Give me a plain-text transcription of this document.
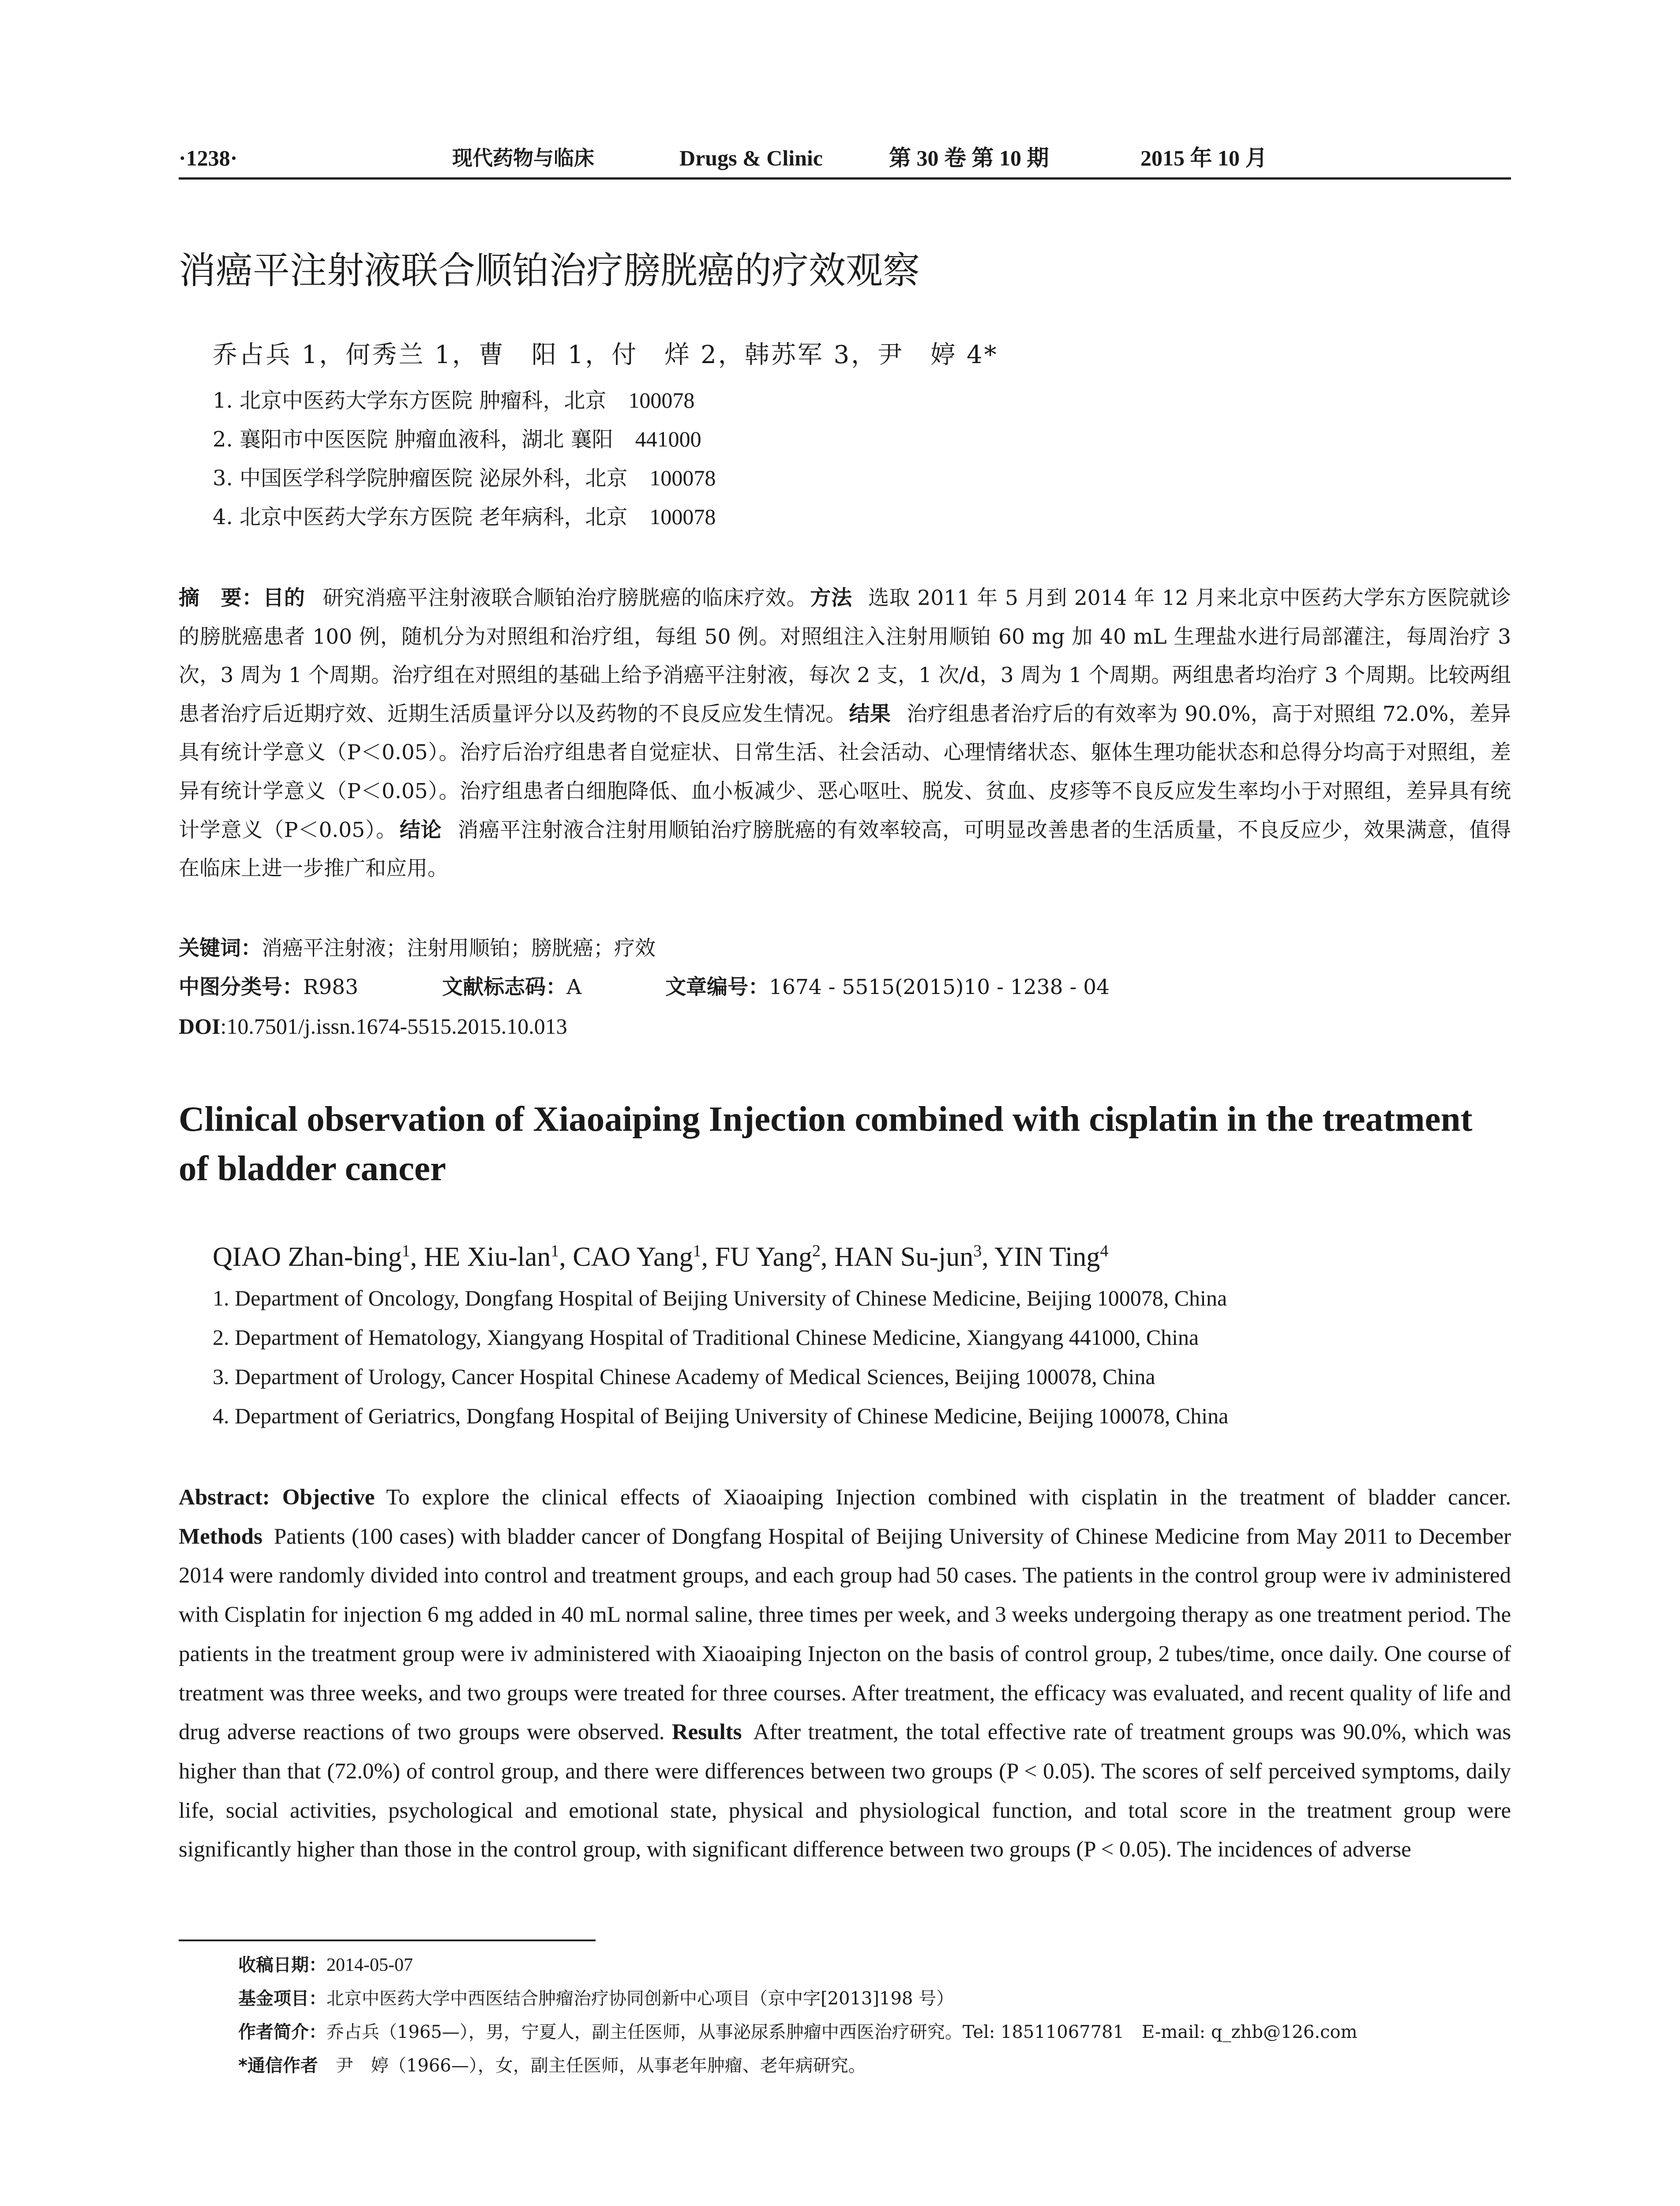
·1238·	现代药物与临床	Drugs & Clinic	第 30 卷 第 10 期	2015 年 10 月
消癌平注射液联合顺铂治疗膀胱癌的疗效观察
乔占兵 1，何秀兰 1，曹　阳 1，付　烊 2，韩苏军 3，尹　婷 4*
1. 北京中医药大学东方医院 肿瘤科，北京 100078
2. 襄阳市中医医院 肿瘤血液科，湖北 襄阳 441000
3. 中国医学科学院肿瘤医院 泌尿外科，北京 100078
4. 北京中医药大学东方医院 老年病科，北京 100078

摘　要：目的 研究消癌平注射液联合顺铂治疗膀胱癌的临床疗效。 方法 选取 2011 年 5 月到 2014 年 12 月来北京中医药大学东方医院就诊的膀胱癌患者 100 例，随机分为对照组和治疗组，每组 50 例。对照组注入注射用顺铂 60 mg 加 40 mL 生理盐水进行局部灌注，每周治疗 3 次，3 周为 1 个周期。治疗组在对照组的基础上给予消癌平注射液，每次 2 支，1 次/d，3 周为 1 个周期。两组患者均治疗 3 个周期。比较两组患者治疗后近期疗效、近期生活质量评分以及药物的不良反应发生情况。 结果 治疗组患者治疗后的有效率为 90.0%，高于对照组 72.0%，差异具有统计学意义（P＜0.05）。治疗后治疗组患者自觉症状、日常生活、社会活动、心理情绪状态、躯体生理功能状态和总得分均高于对照组，差异有统计学意义（P＜0.05）。治疗组患者白细胞降低、血小板减少、恶心呕吐、脱发、贫血、皮疹等不良反应发生率均小于对照组，差异具有统计学意义（P＜0.05）。 结论 消癌平注射液合注射用顺铂治疗膀胱癌的有效率较高，可明显改善患者的生活质量，不良反应少，效果满意，值得在临床上进一步推广和应用。

关键词：消癌平注射液；注射用顺铂；膀胱癌；疗效
中图分类号：R983	文献标志码：A	文章编号：1674 - 5515(2015)10 - 1238 - 04
DOI:10.7501/j.issn.1674-5515.2015.10.013
Clinical observation of Xiaoaiping Injection combined with cisplatin in the treatment of bladder cancer
QIAO Zhan-bing$^1$, HE Xiu-lan$^1$, CAO Yang$^1$, FU Yang$^2$, HAN Su-jun$^3$, YIN Ting$^4$
1. Department of Oncology, Dongfang Hospital of Beijing University of Chinese Medicine, Beijing 100078, China
2. Department of Hematology, Xiangyang Hospital of Traditional Chinese Medicine, Xiangyang 441000, China
3. Department of Urology, Cancer Hospital Chinese Academy of Medical Sciences, Beijing 100078, China
4. Department of Geriatrics, Dongfang Hospital of Beijing University of Chinese Medicine, Beijing 100078, China

Abstract: Objective To explore the clinical effects of Xiaoaiping Injection combined with cisplatin in the treatment of bladder cancer. Methods Patients (100 cases) with bladder cancer of Dongfang Hospital of Beijing University of Chinese Medicine from May 2011 to December 2014 were randomly divided into control and treatment groups, and each group had 50 cases. The patients in the control group were iv administered with Cisplatin for injection 6 mg added in 40 mL normal saline, three times per week, and 3 weeks undergoing therapy as one treatment period. The patients in the treatment group were iv administered with Xiaoaiping Injecton on the basis of control group, 2 tubes/time, once daily. One course of treatment was three weeks, and two groups were treated for three courses. After treatment, the efficacy was evaluated, and recent quality of life and drug adverse reactions of two groups were observed. Results After treatment, the total effective rate of treatment groups was 90.0%, which was higher than that (72.0%) of control group, and there were differences between two groups (P < 0.05). The scores of self perceived symptoms, daily life, social activities, psychological and emotional state, physical and physiological function, and total score in the treatment group were significantly higher than those in the control group, with significant difference between two groups (P < 0.05). The incidences of adverse

收稿日期：2014-05-07
基金项目：北京中医药大学中西医结合肿瘤治疗协同创新中心项目（京中字[2013]198 号）
作者简介：乔占兵（1965—），男，宁夏人，副主任医师，从事泌尿系肿瘤中西医治疗研究。Tel: 18511067781　E-mail: q_zhb@126.com
*通信作者　尹　婷（1966—），女，副主任医师，从事老年肿瘤、老年病研究。
